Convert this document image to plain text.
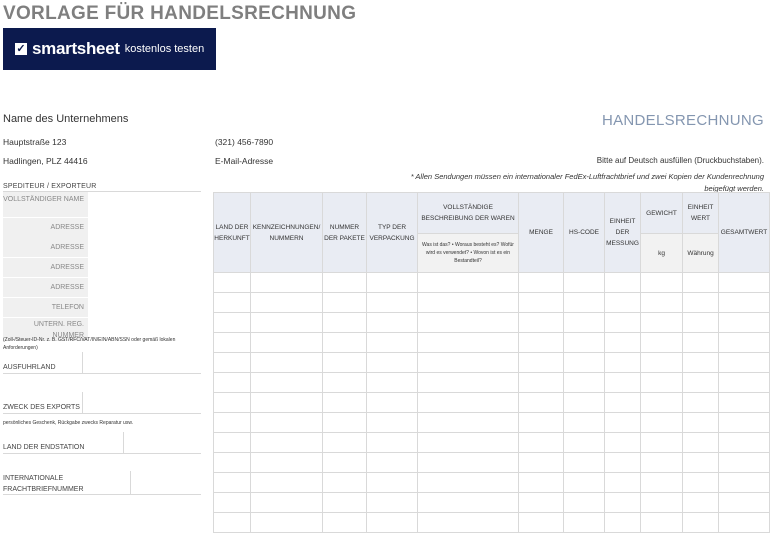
VORLAGE FÜR HANDELSRECHNUNG
✓ smartsheet kostenlos testen
Name des Unternehmens
Hauptstraße 123
Hadlingen, PLZ 44416
(321) 456-7890
E-Mail-Adresse
HANDELSRECHNUNG
Bitte auf Deutsch ausfüllen (Druckbuchstaben).
* Allen Sendungen müssen ein internationaler FedEx-Luftfrachtbrief und zwei Kopien der Kundenrechnung beigefügt werden.
SPEDITEUR / EXPORTEUR
VOLLSTÄNDIGER NAME
ADRESSE
ADRESSE
ADRESSE
ADRESSE
TELEFON
UNTERN. REG. NUMMER
(Zoll-/Steuer-ID-Nr. z. B. GST/RFC/VAT/IN/EIN/ABN/SSN oder gemäß lokalen Anforderungen)
AUSFUHRLAND
ZWECK DES EXPORTS
persönliches Geschenk, Rückgabe zwecks Reparatur usw.
LAND DER ENDSTATION
INTERNATIONALE FRACHTBRIEFNUMMER
LAND DER HERKUNFT	KENNZEICHNUNGEN/ NUMMERN	NUMMER DER PAKETE	TYP DER VERPACKUNG	VOLLSTÄNDIGE BESCHREIBUNG DER WAREN	MENGE	HS-CODE	EINHEIT DER MESSUNG	GEWICHT	EINHEIT WERT	GESAMTWERT
				Was ist das? • Woraus besteht es? Wofür wird es verwendet? • Wovon ist es ein Bestandteil?				kg	Währung	
